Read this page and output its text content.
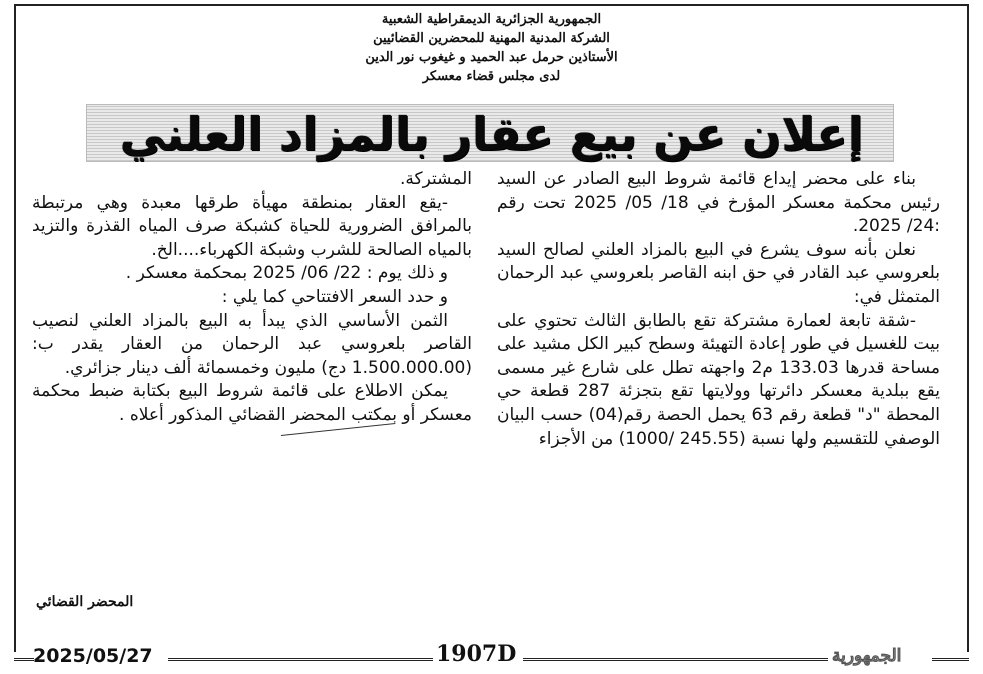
الجمهورية الجزائرية الديمقراطية الشعبية
الشركة المدنية المهنية للمحضرين القضائيين
الأستاذين حرمل عبد الحميد و غيغوب نور الدين
لدى مجلس قضاء معسكر
إعلان عن بيع عقار بالمزاد العلني

بناء على محضر إيداع قائمة شروط البيع الصادر عن السيد رئيس محكمة معسكر المؤرخ في 18/ 05/ 2025 تحت رقم :24/ 2025.

نعلن بأنه سوف يشرع في البيع بالمزاد العلني لصالح السيد بلعروسي عبد القادر في حق ابنه القاصر بلعروسي عبد الرحمان المتمثل في:

-شقة تابعة لعمارة مشتركة تقع بالطابق الثالث تحتوي على بيت للغسيل في طور إعادة التهيئة وسطح كبير الكل مشيد على مساحة قدرها 133.03 م2 واجهته تطل على شارع غير مسمى يقع ببلدية معسكر دائرتها وولايتها تقع بتجزئة 287 قطعة حي المحطة "د" قطعة رقم 63 يحمل الحصة رقم(04) حسب البيان الوصفي للتقسيم ولها نسبة (245.55 /1000) من الأجزاء

المشتركة.

-يقع العقار بمنطقة مهيأة طرقها معبدة وهي مرتبطة بالمرافق الضرورية للحياة كشبكة صرف المياه القذرة والتزيد بالمياه الصالحة للشرب وشبكة الكهرباء....الخ.

و ذلك يوم : 22/ 06/ 2025 بمحكمة معسكر .

و حدد السعر الافتتاحي كما يلي :

الثمن الأساسي الذي يبدأ به البيع بالمزاد العلني لنصيب القاصر بلعروسي عبد الرحمان من العقار يقدر ب: (1.500.000.00 دج) مليون وخمسمائة ألف دينار جزائري.

يمكن الاطلاع على قائمة شروط البيع بكتابة ضبط محكمة معسكر أو بمكتب المحضر القضائي المذكور أعلاه .

المحضر القضائي
2025/05/27	1907D	الجمهورية
